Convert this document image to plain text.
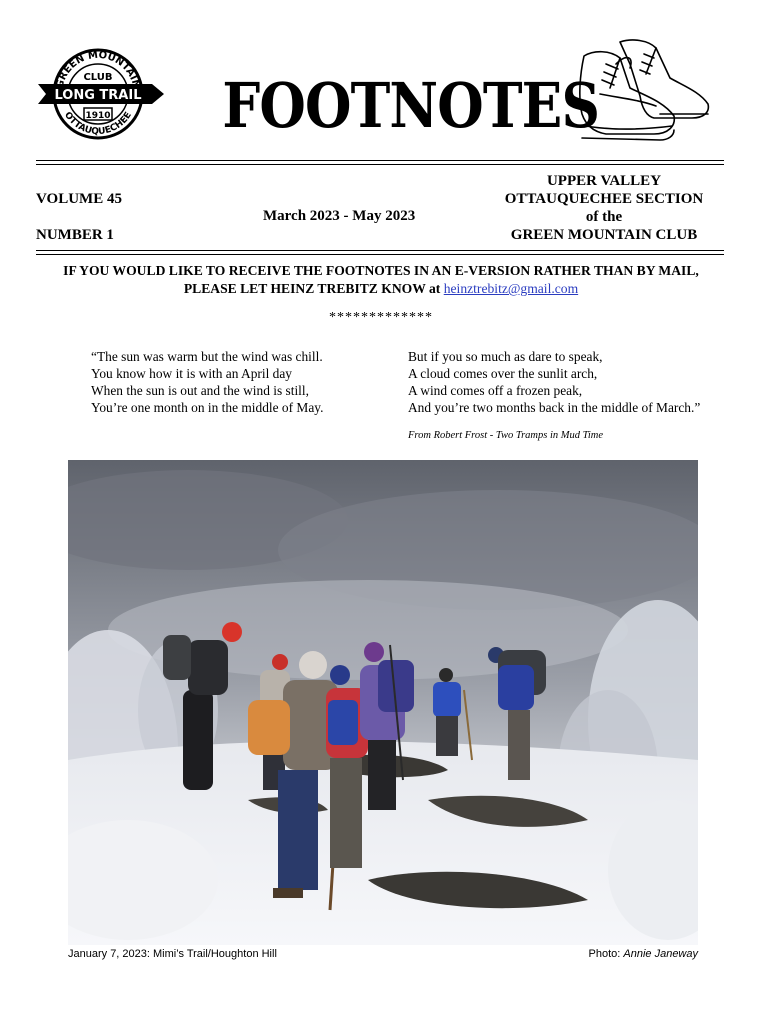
REEN MOUNTAI
OTTAUQUECHEE
CLUB
LONG TRAIL
1910 FOOTNOTES
VOLUME 45
NUMBER 1
March 2023 - May 2023
UPPER VALLEY
OTTAUQUECHEE SECTION
of the
GREEN MOUNTAIN CLUB
IF YOU WOULD LIKE TO RECEIVE THE FOOTNOTES IN AN E-VERSION RATHER THAN BY MAIL,
PLEASE LET HEINZ TREBITZ KNOW at heinztrebitz@gmail.com
*************
“The sun was warm but the wind was chill.
You know how it is with an April day
When the sun is out and the wind is still,
You’re one month on in the middle of May.
But if you so much as dare to speak,
A cloud comes over the sunlit arch,
A wind comes off a frozen peak,
And you’re two months back in the middle of March.”
From Robert Frost - Two Tramps in Mud Time
January 7, 2023: Mimi’s Trail/Houghton Hill	Photo: Annie Janeway
